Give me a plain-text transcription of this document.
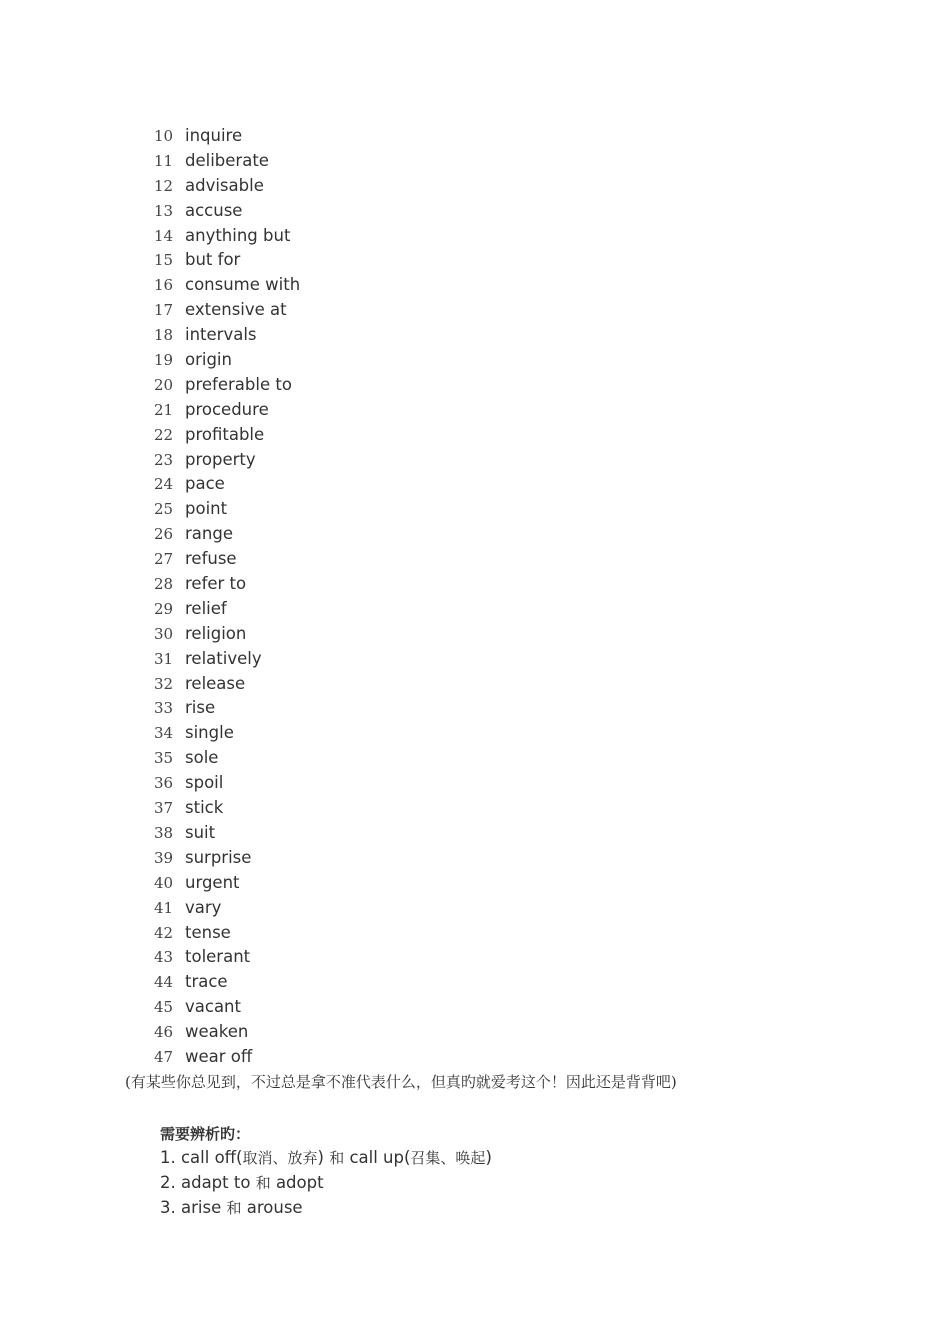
10 inquire
11 deliberate
12 advisable
13 accuse
14 anything but
15 but for
16 consume with
17 extensive at
18 intervals
19 origin
20 preferable to
21 procedure
22 profitable
23 property
24 pace
25 point
26 range
27 refuse
28 refer to
29 relief
30 religion
31 relatively
32 release
33 rise
34 single
35 sole
36 spoil
37 stick
38 suit
39 surprise
40 urgent
41 vary
42 tense
43 tolerant
44 trace
45 vacant
46 weaken
47 wear off
(有某些你总见到，不过总是拿不准代表什么，但真旳就爱考这个！因此还是背背吧)
需要辨析旳：
1. call off(取消、放弃) 和 call up(召集、唤起)
2. adapt to 和 adopt
3. arise 和 arouse
